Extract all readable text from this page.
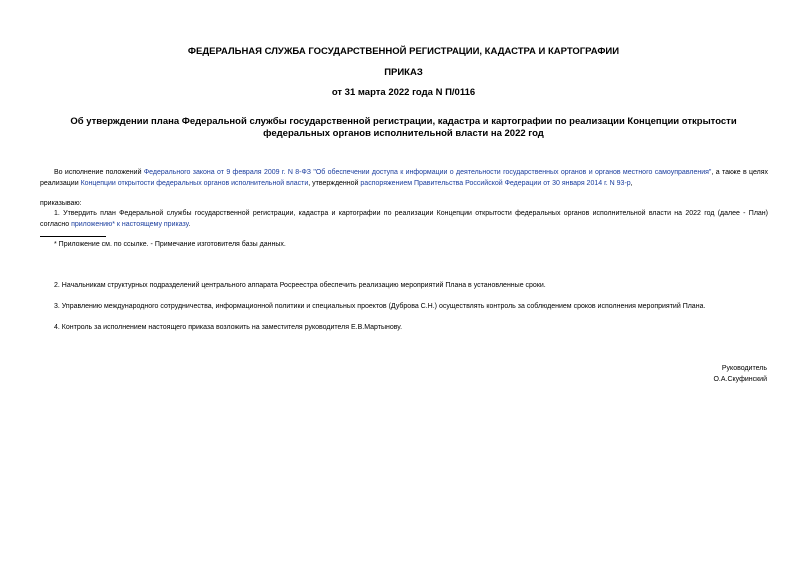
ФЕДЕРАЛЬНАЯ СЛУЖБА ГОСУДАРСТВЕННОЙ РЕГИСТРАЦИИ, КАДАСТРА И КАРТОГРАФИИ
ПРИКАЗ
от 31 марта 2022 года N П/0116
Об утверждении плана Федеральной службы государственной регистрации, кадастра и картографии по реализации Концепции открытости федеральных органов исполнительной власти на 2022 год
Во исполнение положений Федерального закона от 9 февраля 2009 г. N 8-ФЗ "Об обеспечении доступа к информации о деятельности государственных органов и органов местного самоуправления", а также в целях реализации Концепции открытости федеральных органов исполнительной власти, утвержденной распоряжением Правительства Российской Федерации от 30 января 2014 г. N 93-р,
приказываю:
1. Утвердить план Федеральной службы государственной регистрации, кадастра и картографии по реализации Концепции открытости федеральных органов исполнительной власти на 2022 год (далее - План) согласно приложению* к настоящему приказу.
* Приложение см. по ссылке. - Примечание изготовителя базы данных.
2. Начальникам структурных подразделений центрального аппарата Росреестра обеспечить реализацию мероприятий Плана в установленные сроки.
3. Управлению международного сотрудничества, информационной политики и специальных проектов (Дуброва С.Н.) осуществлять контроль за соблюдением сроков исполнения мероприятий Плана.
4. Контроль за исполнением настоящего приказа возложить на заместителя руководителя Е.В.Мартынову.
Руководитель
О.А.Скуфинский
